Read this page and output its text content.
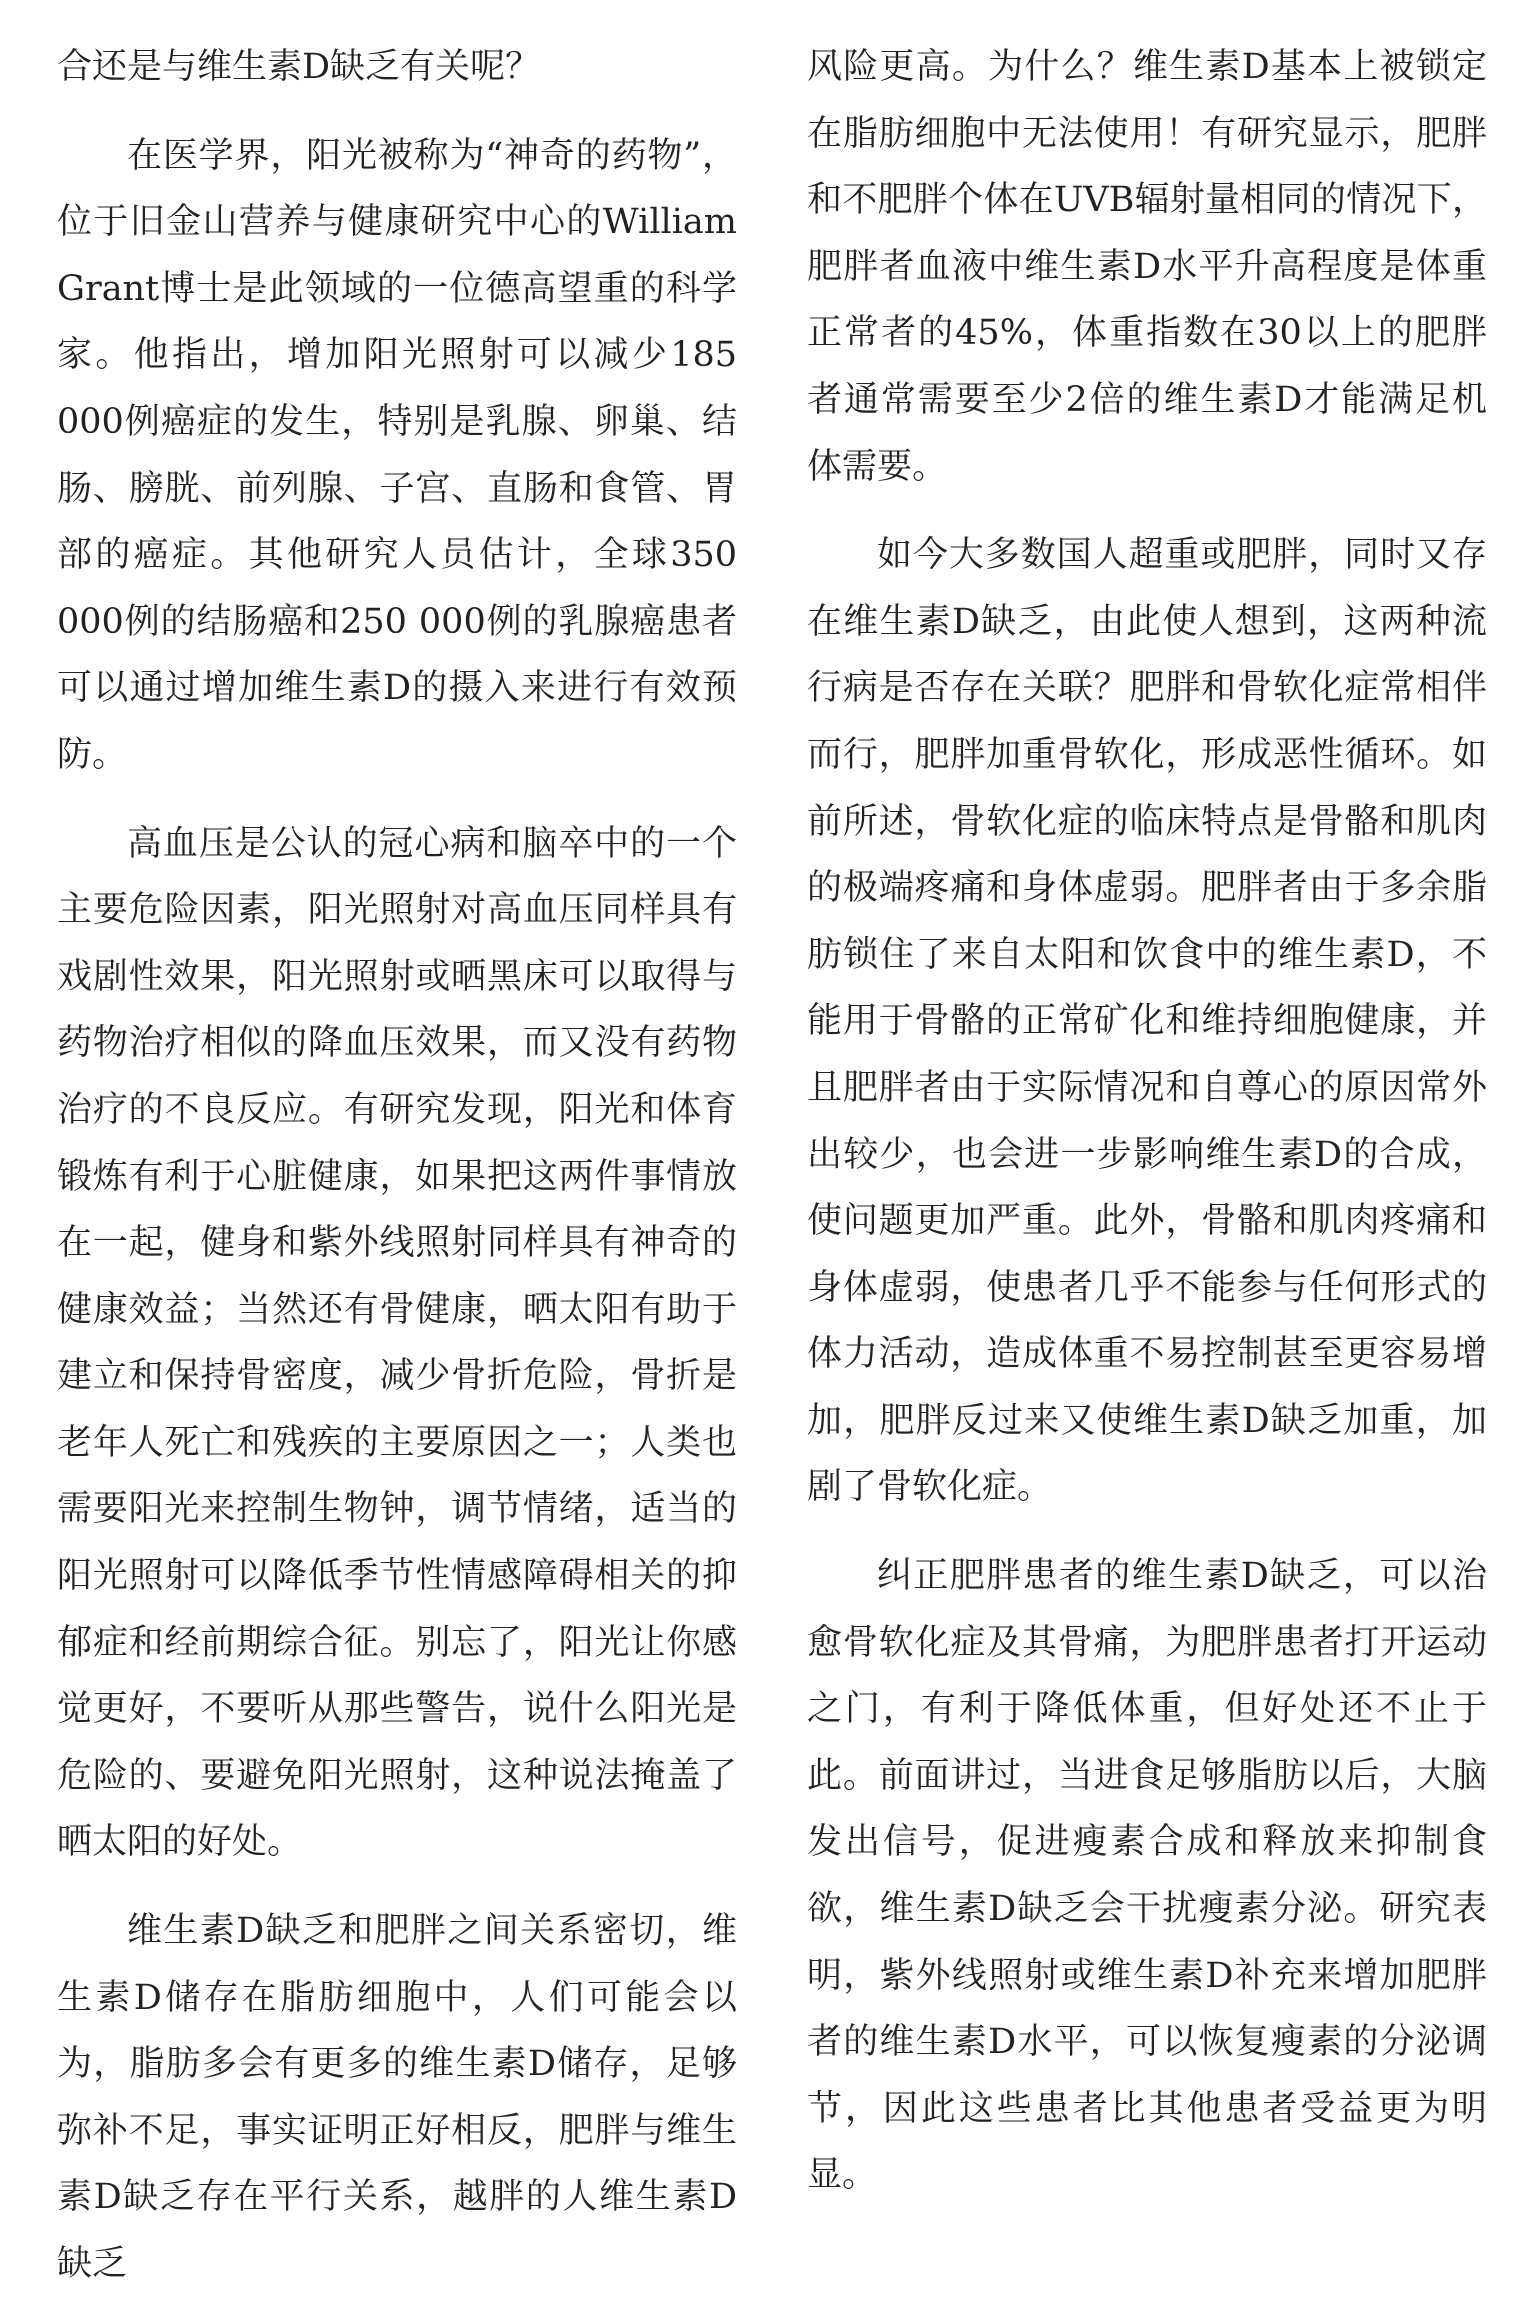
合还是与维生素D缺乏有关呢？

在医学界，阳光被称为“神奇的药物”，位于旧金山营养与健康研究中心的William Grant博士是此领域的一位德高望重的科学家。他指出，增加阳光照射可以减少185 000例癌症的发生，特别是乳腺、卵巢、结肠、膀胱、前列腺、子宫、直肠和食管、胃部的癌症。其他研究人员估计，全球350 000例的结肠癌和250 000例的乳腺癌患者可以通过增加维生素D的摄入来进行有效预防。

高血压是公认的冠心病和脑卒中的一个主要危险因素，阳光照射对高血压同样具有戏剧性效果，阳光照射或晒黑床可以取得与药物治疗相似的降血压效果，而又没有药物治疗的不良反应。有研究发现，阳光和体育锻炼有利于心脏健康，如果把这两件事情放在一起，健身和紫外线照射同样具有神奇的健康效益；当然还有骨健康，晒太阳有助于建立和保持骨密度，减少骨折危险，骨折是老年人死亡和残疾的主要原因之一；人类也需要阳光来控制生物钟，调节情绪，适当的阳光照射可以降低季节性情感障碍相关的抑郁症和经前期综合征。别忘了，阳光让你感觉更好，不要听从那些警告，说什么阳光是危险的、要避免阳光照射，这种说法掩盖了晒太阳的好处。

维生素D缺乏和肥胖之间关系密切，维生素D储存在脂肪细胞中，人们可能会以为，脂肪多会有更多的维生素D储存，足够弥补不足，事实证明正好相反，肥胖与维生素D缺乏存在平行关系，越胖的人维生素D缺乏

风险更高。为什么？维生素D基本上被锁定在脂肪细胞中无法使用！有研究显示，肥胖和不肥胖个体在UVB辐射量相同的情况下，肥胖者血液中维生素D水平升高程度是体重正常者的45%，体重指数在30以上的肥胖者通常需要至少2倍的维生素D才能满足机体需要。

如今大多数国人超重或肥胖，同时又存在维生素D缺乏，由此使人想到，这两种流行病是否存在关联？肥胖和骨软化症常相伴而行，肥胖加重骨软化，形成恶性循环。如前所述，骨软化症的临床特点是骨骼和肌肉的极端疼痛和身体虚弱。肥胖者由于多余脂肪锁住了来自太阳和饮食中的维生素D，不能用于骨骼的正常矿化和维持细胞健康，并且肥胖者由于实际情况和自尊心的原因常外出较少，也会进一步影响维生素D的合成，使问题更加严重。此外，骨骼和肌肉疼痛和身体虚弱，使患者几乎不能参与任何形式的体力活动，造成体重不易控制甚至更容易增加，肥胖反过来又使维生素D缺乏加重，加剧了骨软化症。

纠正肥胖患者的维生素D缺乏，可以治愈骨软化症及其骨痛，为肥胖患者打开运动之门，有利于降低体重，但好处还不止于此。前面讲过，当进食足够脂肪以后，大脑发出信号，促进瘦素合成和释放来抑制食欲，维生素D缺乏会干扰瘦素分泌。研究表明，紫外线照射或维生素D补充来增加肥胖者的维生素D水平，可以恢复瘦素的分泌调节，因此这些患者比其他患者受益更为明显。
